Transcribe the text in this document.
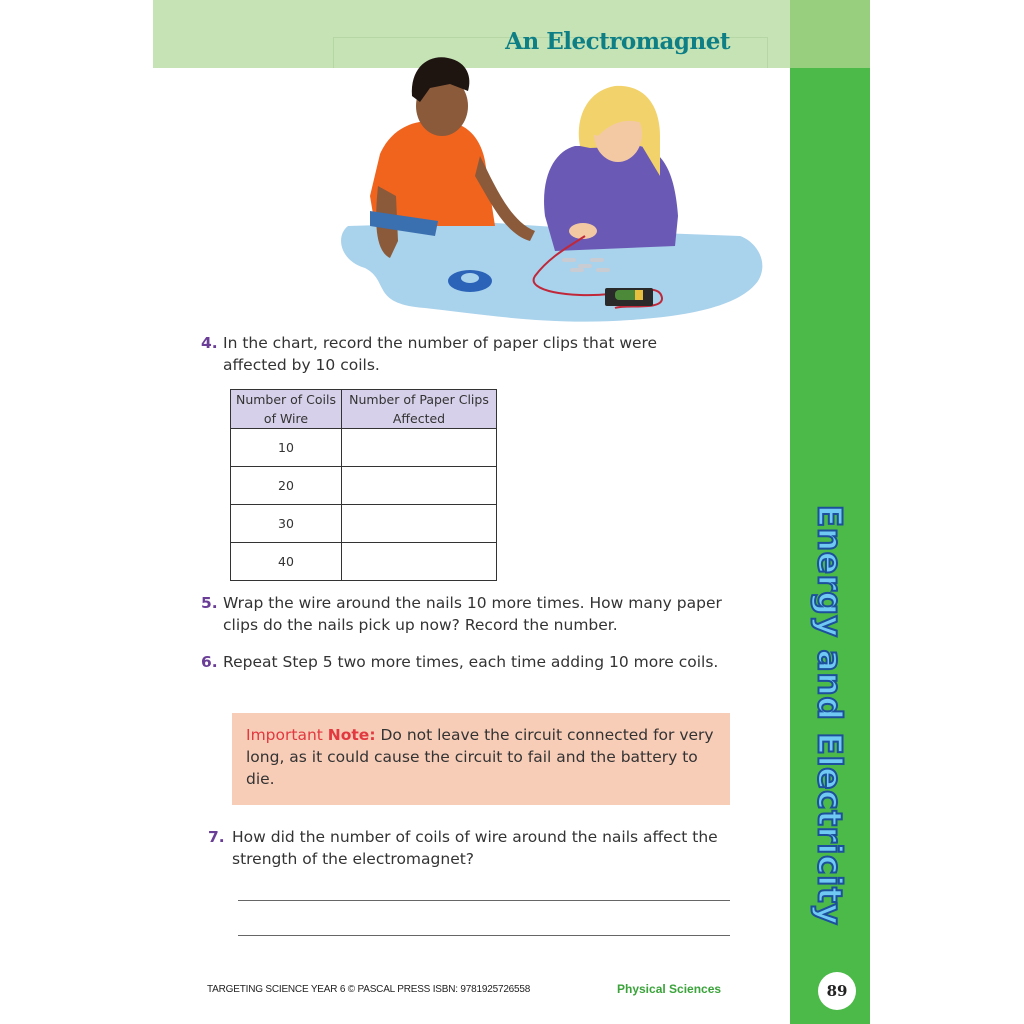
An Electromagnet
Energy and Electricity
89
4. In the chart, record the number of paper clips that were affected by 10 coils.
Number of Coils of Wire	Number of Paper Clips Affected
10	
20	
30	
40	
5. Wrap the wire around the nails 10 more times. How many paper clips do the nails pick up now? Record the number.
6. Repeat Step 5 two more times, each time adding 10 more coils.
Important Note: Do not leave the circuit connected for very long, as it could cause the circuit to fail and the battery to die.
7. How did the number of coils of wire around the nails affect the strength of the electromagnet?
TARGETING SCIENCE YEAR 6 © PASCAL PRESS ISBN: 9781925726558	Physical Sciences
